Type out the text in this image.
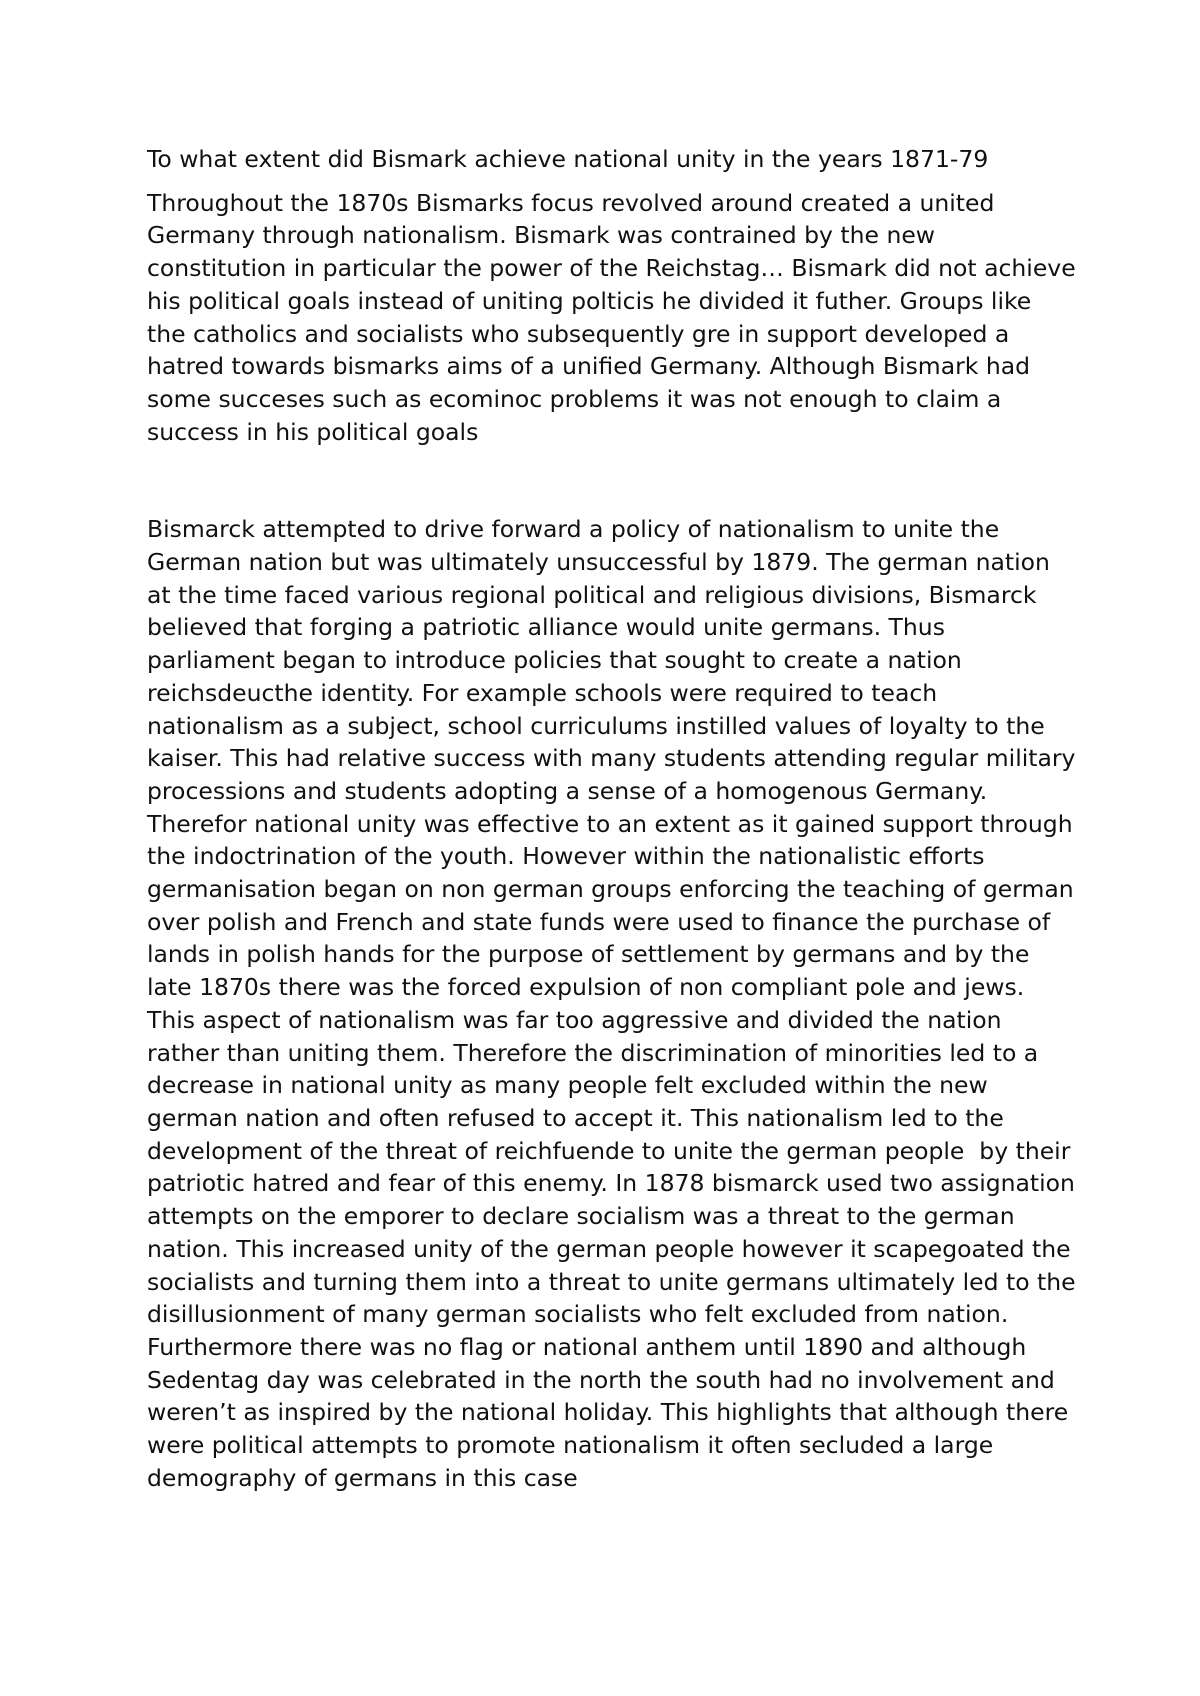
To what extent did Bismark achieve national unity in the years 1871-79

Throughout the 1870s Bismarks focus revolved around created a united Germany through nationalism. Bismark was contrained by the new constitution in particular the power of the Reichstag… Bismark did not achieve his political goals instead of uniting polticis he divided it futher. Groups like the catholics and socialists who subsequently gre in support developed a hatred towards bismarks aims of a unified Germany. Although Bismark had some succeses such as ecominoc problems it was not enough to claim a success in his political goals

Bismarck attempted to drive forward a policy of nationalism to unite the German nation but was ultimately unsuccessful by 1879. The german nation at the time faced various regional political and religious divisions, Bismarck believed that forging a patriotic alliance would unite germans. Thus parliament began to introduce policies that sought to create a nation reichsdeucthe identity. For example schools were required to teach nationalism as a subject, school curriculums instilled values of loyalty to the kaiser. This had relative success with many students attending regular military processions and students adopting a sense of a homogenous Germany. Therefor national unity was effective to an extent as it gained support through the indoctrination of the youth. However within the nationalistic efforts germanisation began on non german groups enforcing the teaching of german over polish and French and state funds were used to finance the purchase of lands in polish hands for the purpose of settlement by germans and by the late 1870s there was the forced expulsion of non compliant pole and jews. This aspect of nationalism was far too aggressive and divided the nation rather than uniting them. Therefore the discrimination of minorities led to a decrease in national unity as many people felt excluded within the new german nation and often refused to accept it. This nationalism led to the development of the threat of reichfuende to unite the german people  by their patriotic hatred and fear of this enemy. In 1878 bismarck used two assignation attempts on the emporer to declare socialism was a threat to the german nation. This increased unity of the german people however it scapegoated the socialists and turning them into a threat to unite germans ultimately led to the disillusionment of many german socialists who felt excluded from nation. Furthermore there was no flag or national anthem until 1890 and although Sedentag day was celebrated in the north the south had no involvement and weren’t as inspired by the national holiday. This highlights that although there were political attempts to promote nationalism it often secluded a large demography of germans in this case
